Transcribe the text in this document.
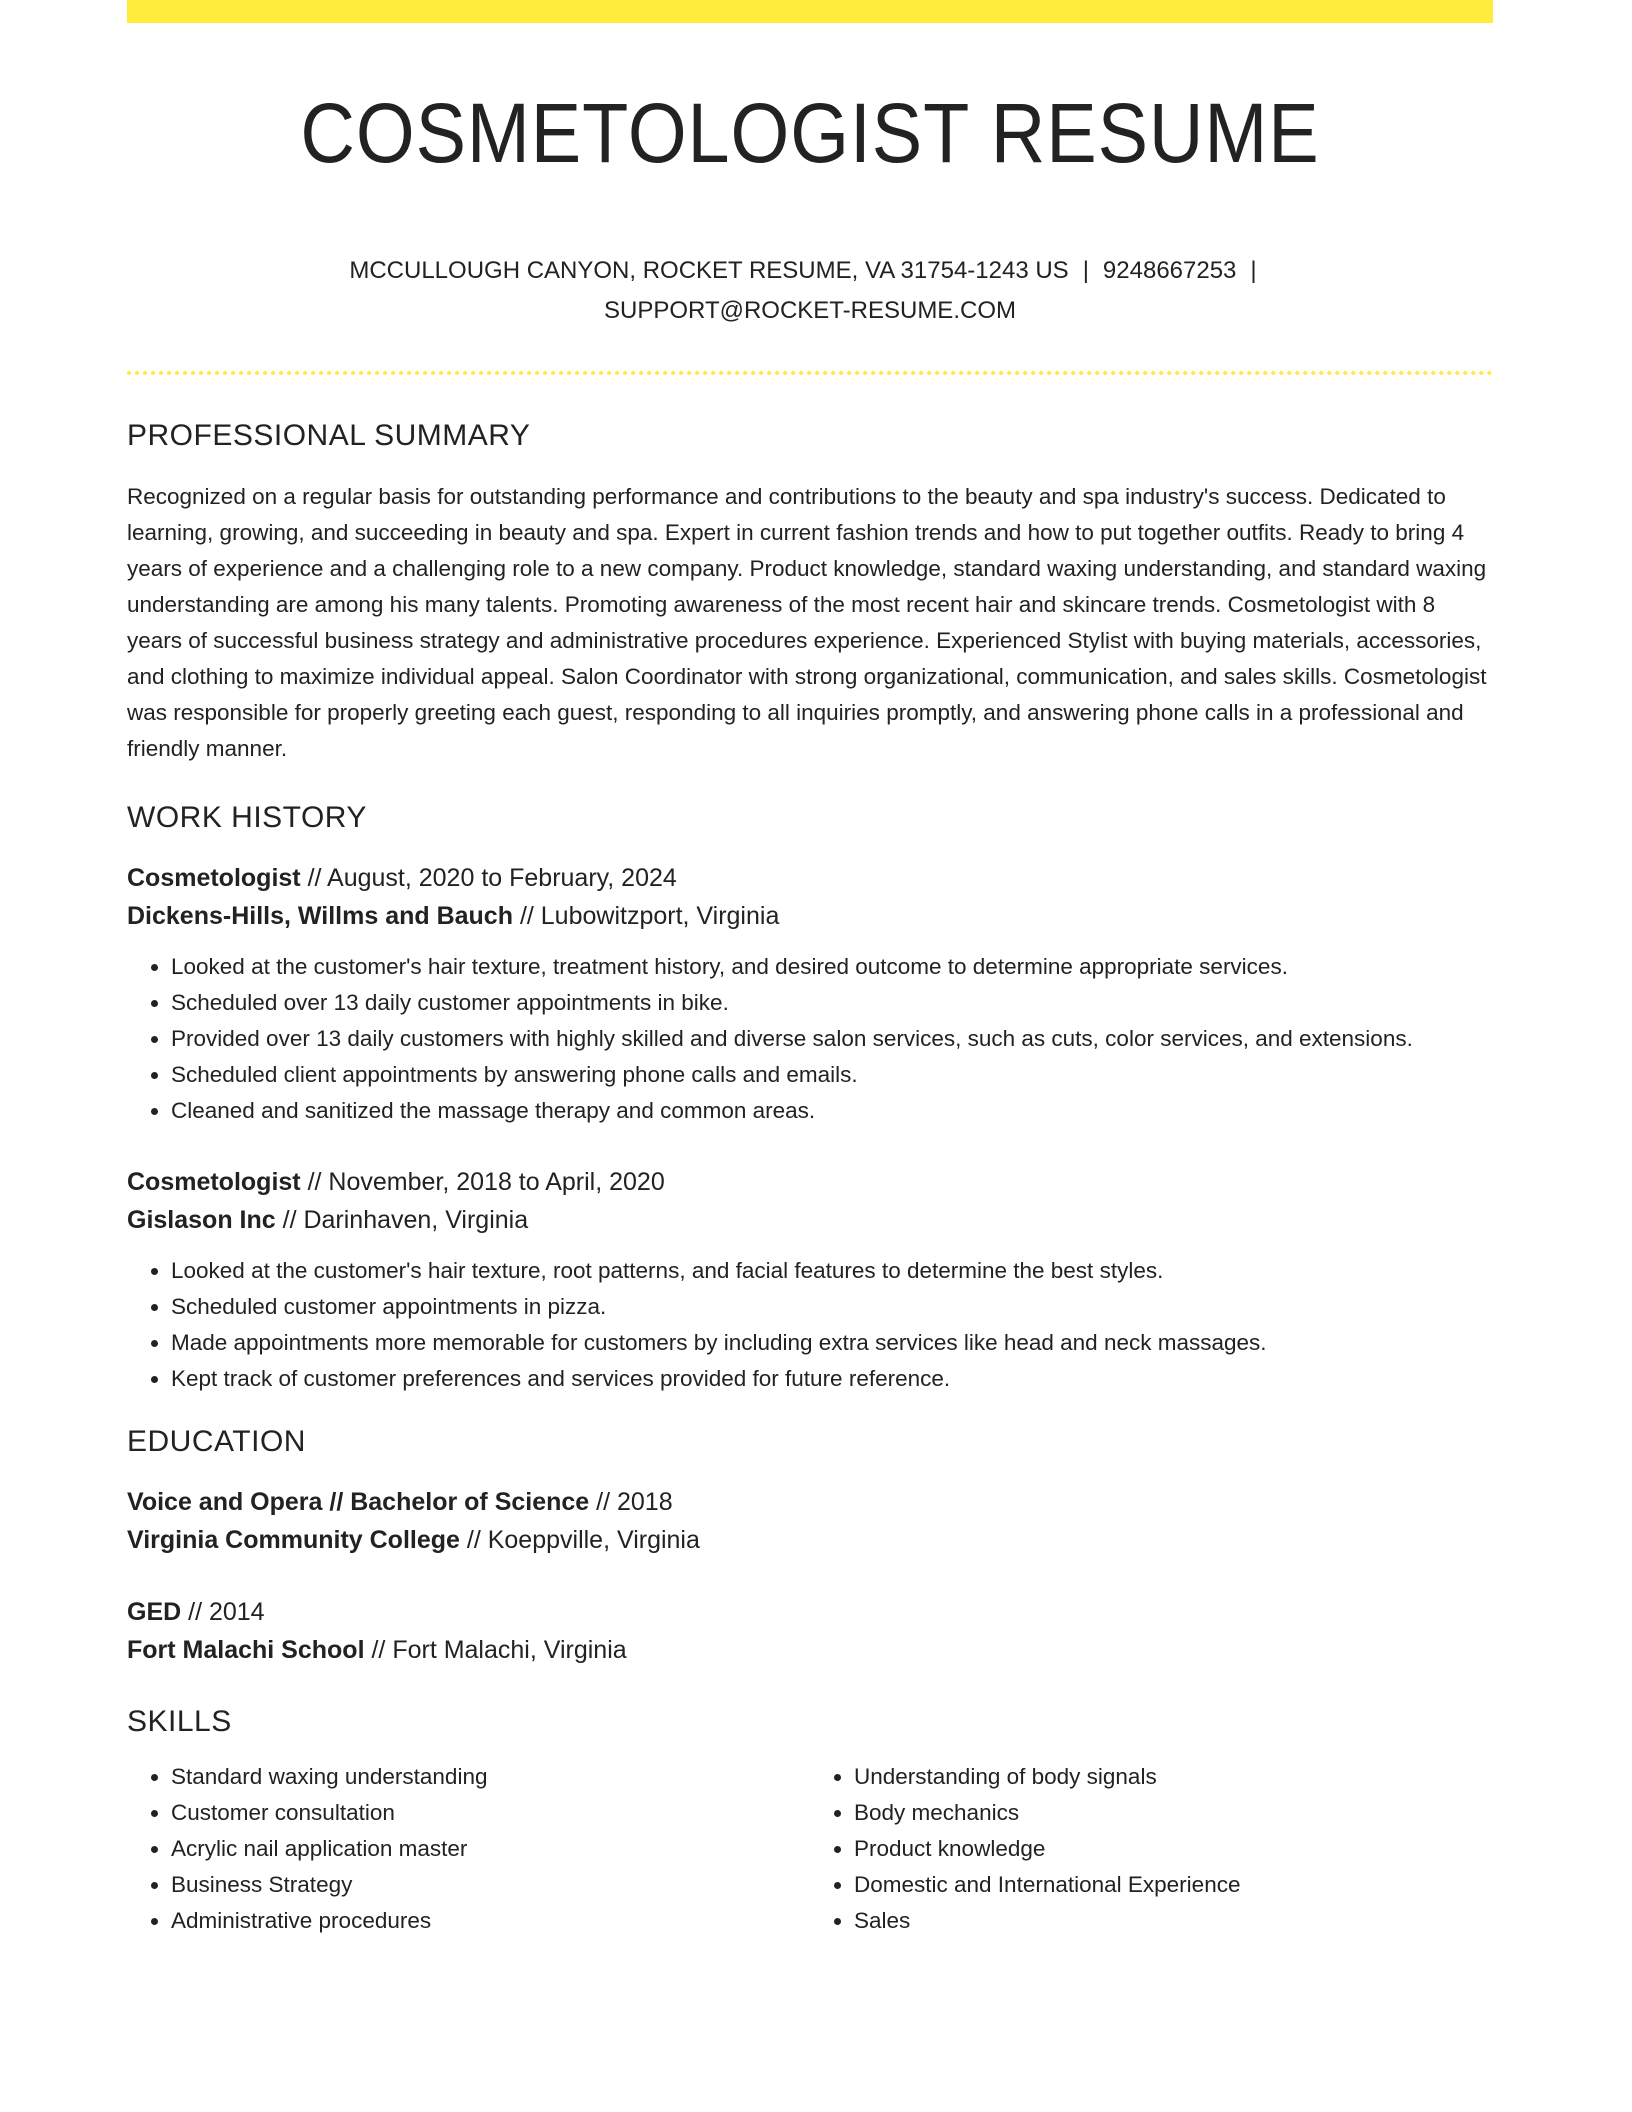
COSMETOLOGIST RESUME
MCCULLOUGH CANYON, ROCKET RESUME, VA 31754-1243 US | 9248667253 |
SUPPORT@ROCKET-RESUME.COM
PROFESSIONAL SUMMARY
Recognized on a regular basis for outstanding performance and contributions to the beauty and spa industry's success. Dedicated to learning, growing, and succeeding in beauty and spa. Expert in current fashion trends and how to put together outfits. Ready to bring 4 years of experience and a challenging role to a new company. Product knowledge, standard waxing understanding, and standard waxing understanding are among his many talents. Promoting awareness of the most recent hair and skincare trends. Cosmetologist with 8 years of successful business strategy and administrative procedures experience. Experienced Stylist with buying materials, accessories, and clothing to maximize individual appeal. Salon Coordinator with strong organizational, communication, and sales skills. Cosmetologist was responsible for properly greeting each guest, responding to all inquiries promptly, and answering phone calls in a professional and friendly manner.
WORK HISTORY
Cosmetologist // August, 2020 to February, 2024
Dickens-Hills, Willms and Bauch // Lubowitzport, Virginia
• Looked at the customer's hair texture, treatment history, and desired outcome to determine appropriate services.
• Scheduled over 13 daily customer appointments in bike.
• Provided over 13 daily customers with highly skilled and diverse salon services, such as cuts, color services, and extensions.
• Scheduled client appointments by answering phone calls and emails.
• Cleaned and sanitized the massage therapy and common areas.
Cosmetologist // November, 2018 to April, 2020
Gislason Inc // Darinhaven, Virginia
• Looked at the customer's hair texture, root patterns, and facial features to determine the best styles.
• Scheduled customer appointments in pizza.
• Made appointments more memorable for customers by including extra services like head and neck massages.
• Kept track of customer preferences and services provided for future reference.
EDUCATION
Voice and Opera // Bachelor of Science // 2018
Virginia Community College // Koeppville, Virginia
GED // 2014
Fort Malachi School // Fort Malachi, Virginia
SKILLS
• Standard waxing understanding
• Customer consultation
• Acrylic nail application master
• Business Strategy
• Administrative procedures
• Understanding of body signals
• Body mechanics
• Product knowledge
• Domestic and International Experience
• Sales
